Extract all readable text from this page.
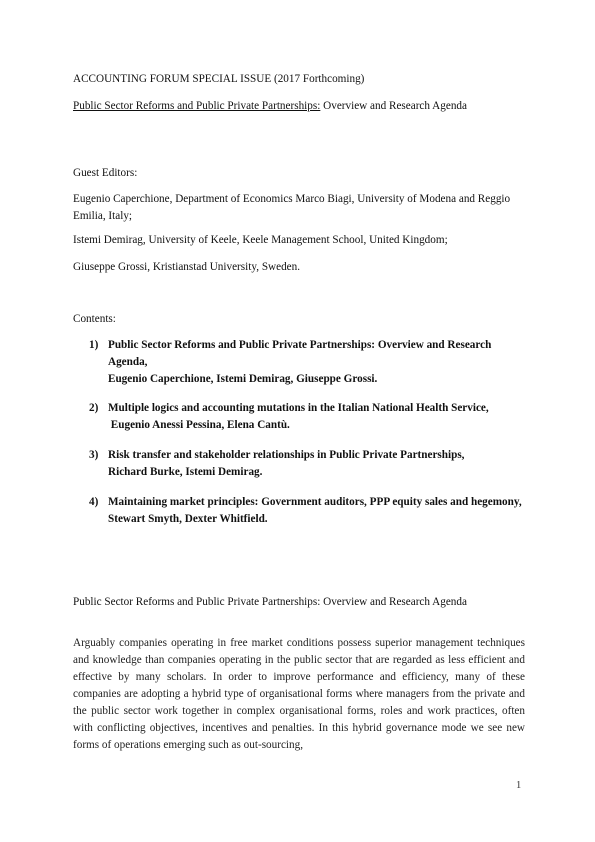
ACCOUNTING FORUM SPECIAL ISSUE (2017 Forthcoming)
Public Sector Reforms and Public Private Partnerships: Overview and Research Agenda
Guest Editors:
Eugenio Caperchione, Department of Economics Marco Biagi, University of Modena and Reggio Emilia, Italy;
Istemi Demirag, University of Keele, Keele Management School, United Kingdom;
Giuseppe Grossi, Kristianstad University, Sweden.
Contents:
1) Public Sector Reforms and Public Private Partnerships: Overview and Research Agenda,
Eugenio Caperchione, Istemi Demirag, Giuseppe Grossi.
2) Multiple logics and accounting mutations in the Italian National Health Service,
Eugenio Anessi Pessina, Elena Cantù.
3) Risk transfer and stakeholder relationships in Public Private Partnerships,
Richard Burke, Istemi Demirag.
4) Maintaining market principles: Government auditors, PPP equity sales and hegemony,
Stewart Smyth, Dexter Whitfield.
Public Sector Reforms and Public Private Partnerships: Overview and Research Agenda
Arguably companies operating in free market conditions possess superior management techniques and knowledge than companies operating in the public sector that are regarded as less efficient and effective by many scholars. In order to improve performance and efficiency, many of these companies are adopting a hybrid type of organisational forms where managers from the private and the public sector work together in complex organisational forms, roles and work practices, often with conflicting objectives, incentives and penalties. In this hybrid governance mode we see new forms of operations emerging such as out-sourcing,
1
